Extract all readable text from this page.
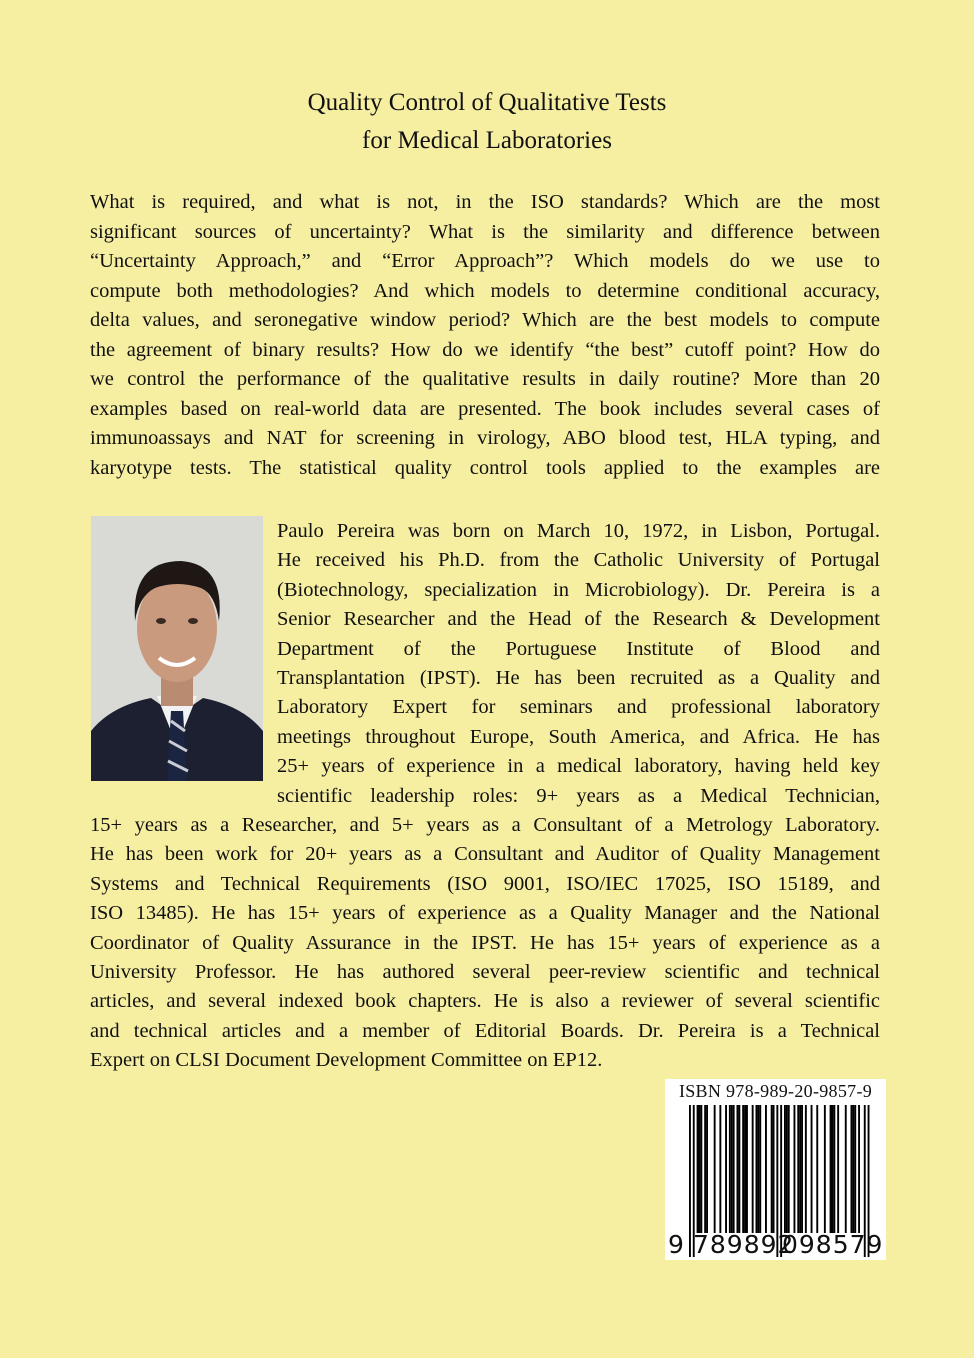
Quality Control of Qualitative Tests
for Medical Laboratories
What is required, and what is not, in the ISO standards? Which are the most
significant sources of uncertainty? What is the similarity and difference between
“Uncertainty Approach,” and “Error Approach”? Which models do we use to
compute both methodologies? And which models to determine conditional accuracy,
delta values, and seronegative window period? Which are the best models to compute
the agreement of binary results? How do we identify “the best” cutoff point? How do
we control the performance of the qualitative results in daily routine? More than 20
examples based on real-world data are presented. The book includes several cases of
immunoassays and NAT for screening in virology, ABO blood test, HLA typing, and
karyotype tests. The statistical quality control tools applied to the examples are
Paulo Pereira was born on March 10, 1972, in Lisbon, Portugal.
He received his Ph.D. from the Catholic University of Portugal
(Biotechnology, specialization in Microbiology). Dr. Pereira is a
Senior Researcher and the Head of the Research & Development
Department of the Portuguese Institute of Blood and
Transplantation (IPST). He has been recruited as a Quality and
Laboratory Expert for seminars and professional laboratory
meetings throughout Europe, South America, and Africa. He has
25+ years of experience in a medical laboratory, having held key
scientific leadership roles: 9+ years as a Medical Technician,
15+ years as a Researcher, and 5+ years as a Consultant of a Metrology Laboratory.
He has been work for 20+ years as a Consultant and Auditor of Quality Management
Systems and Technical Requirements (ISO 9001, ISO/IEC 17025, ISO 15189, and
ISO 13485). He has 15+ years of experience as a Quality Manager and the National
Coordinator of Quality Assurance in the IPST. He has 15+ years of experience as a
University Professor. He has authored several peer-review scientific and technical
articles, and several indexed book chapters. He is also a reviewer of several scientific
and technical articles and a member of Editorial Boards. Dr. Pereira is a Technical
Expert on CLSI Document Development Committee on EP12.
ISBN 978-989-20-9857-9
9 789892
098579
